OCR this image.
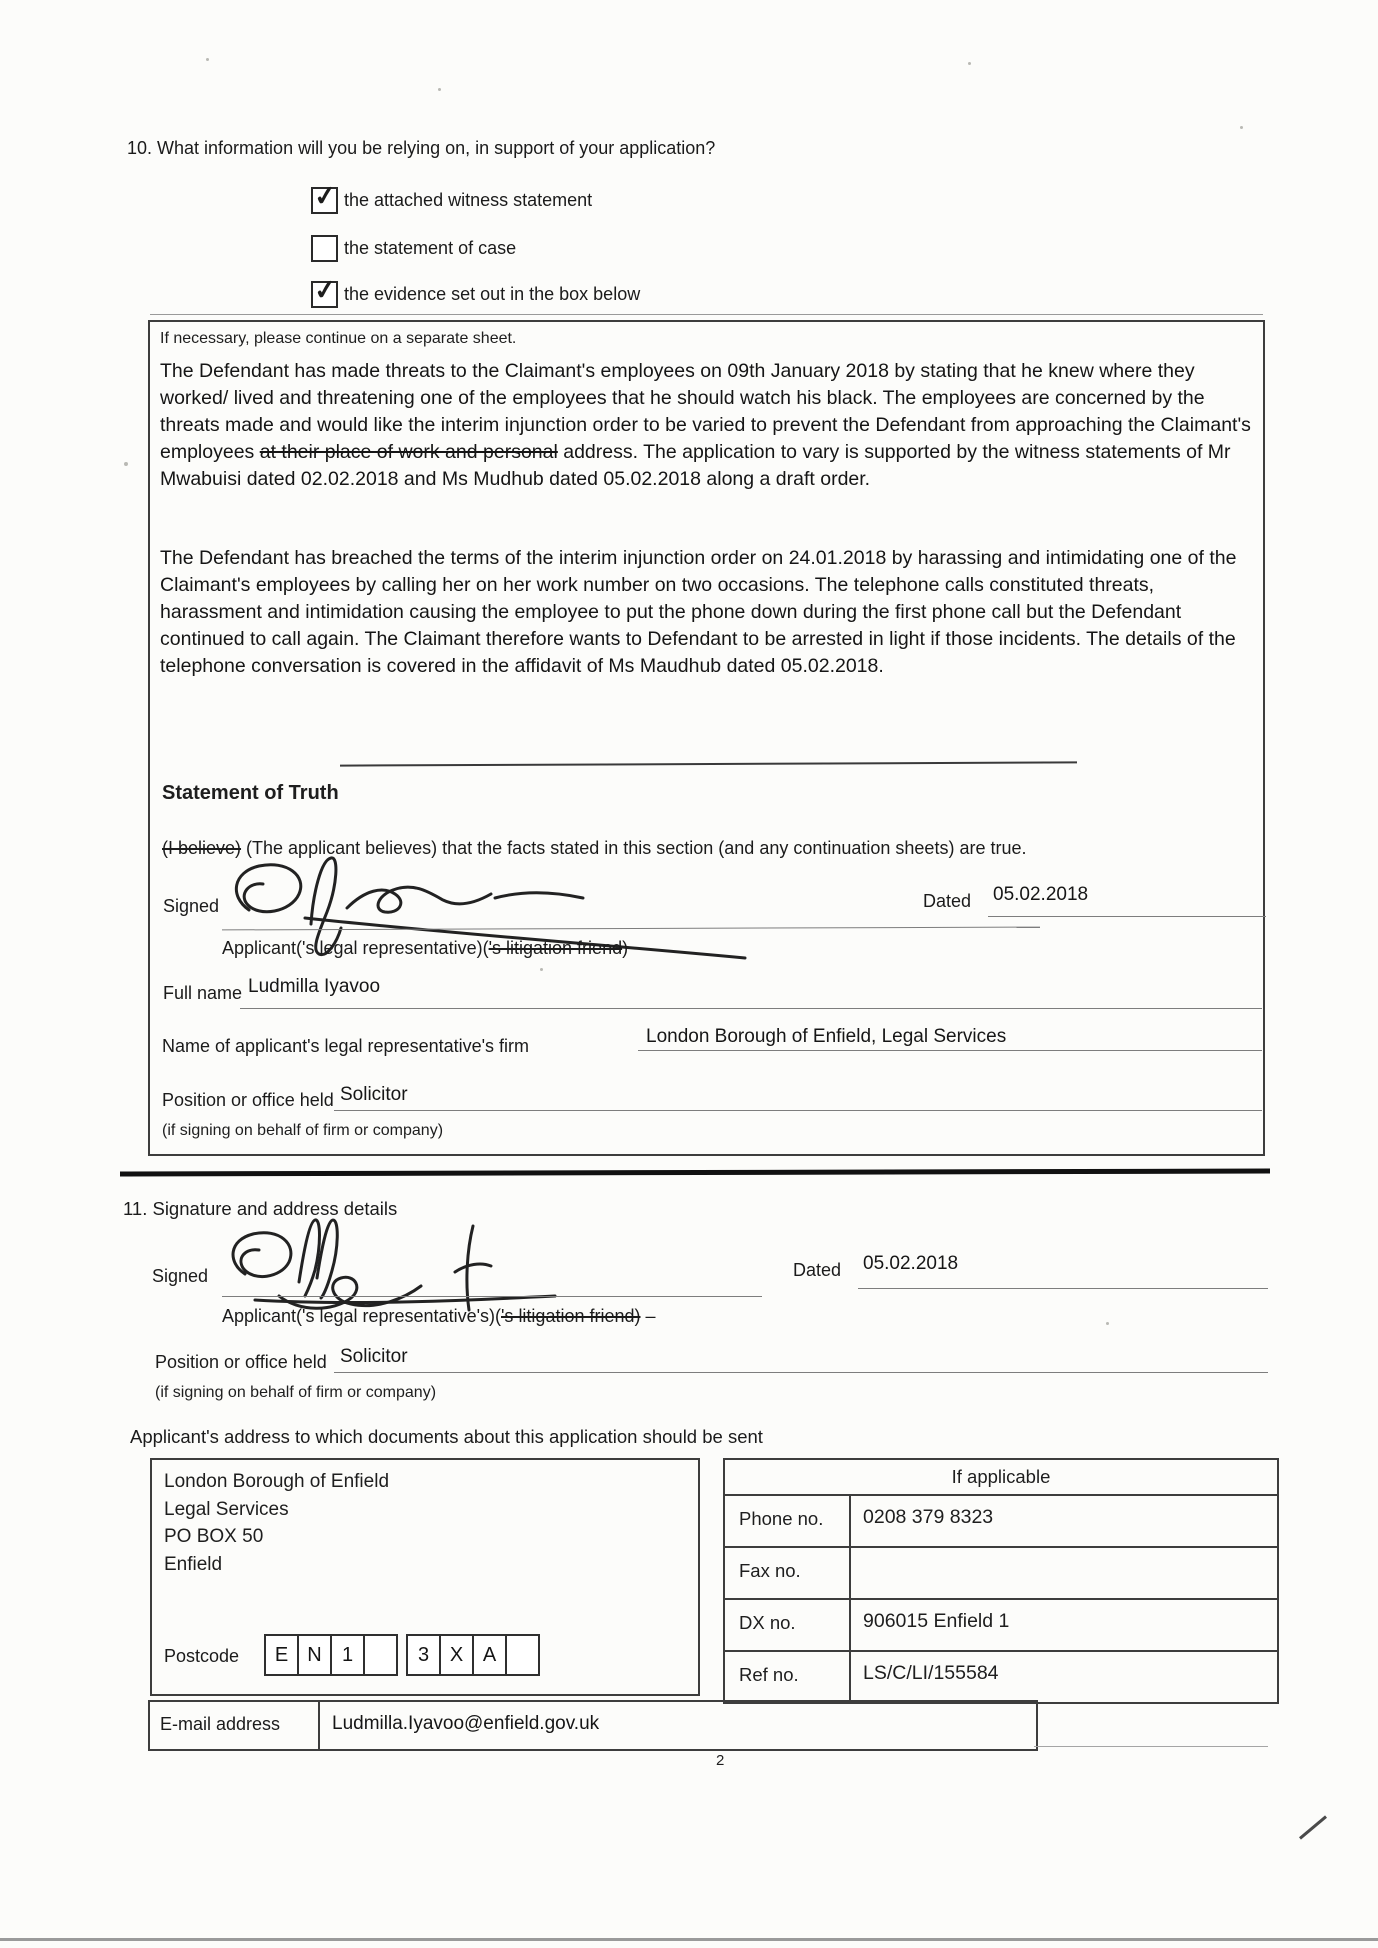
10. What information will you be relying on, in support of your application?
✓ the attached witness statement
the statement of case
✓ the evidence set out in the box below
If necessary, please continue on a separate sheet.
The Defendant has made threats to the Claimant's employees on 09th January 2018 by stating that he knew where they worked/ lived and threatening one of the employees that he should watch his black. The employees are concerned by the threats made and would like the interim injunction order to be varied to prevent the Defendant from approaching the Claimant's employees at their place of work and personal address. The application to vary is supported by the witness statements of Mr Mwabuisi dated 02.02.2018 and Ms Mudhub dated 05.02.2018 along a draft order.
The Defendant has breached the terms of the interim injunction order on 24.01.2018 by harassing and intimidating one of the Claimant's employees by calling her on her work number on two occasions. The telephone calls constituted threats, harassment and intimidation causing the employee to put the phone down during the first phone call but the Defendant continued to call again. The Claimant therefore wants to Defendant to be arrested in light if those incidents. The details of the telephone conversation is covered in the affidavit of Ms Maudhub dated 05.02.2018.
Statement of Truth
(I believe) (The applicant believes) that the facts stated in this section (and any continuation sheets) are true.
Signed	Dated 05.02.2018
Applicant('s legal representative)('s litigation friend)
Full name Ludmilla Iyavoo
Name of applicant's legal representative's firm	London Borough of Enfield, Legal Services
Position or office held Solicitor
(if signing on behalf of firm or company)
11. Signature and address details
Signed	Dated 05.02.2018
Applicant('s legal representative's)('s litigation friend) –
Position or office held Solicitor
(if signing on behalf of firm or company)
Applicant's address to which documents about this application should be sent
London Borough of Enfield
Legal Services
PO BOX 50
Enfield
Postcode	E N	1	3	X A
If applicable
Phone no.	0208 379 8323
Fax no.
DX no.	906015 Enfield 1
Ref no.	LS/C/LI/155584
E-mail address	Ludmilla.Iyavoo@enfield.gov.uk
2
